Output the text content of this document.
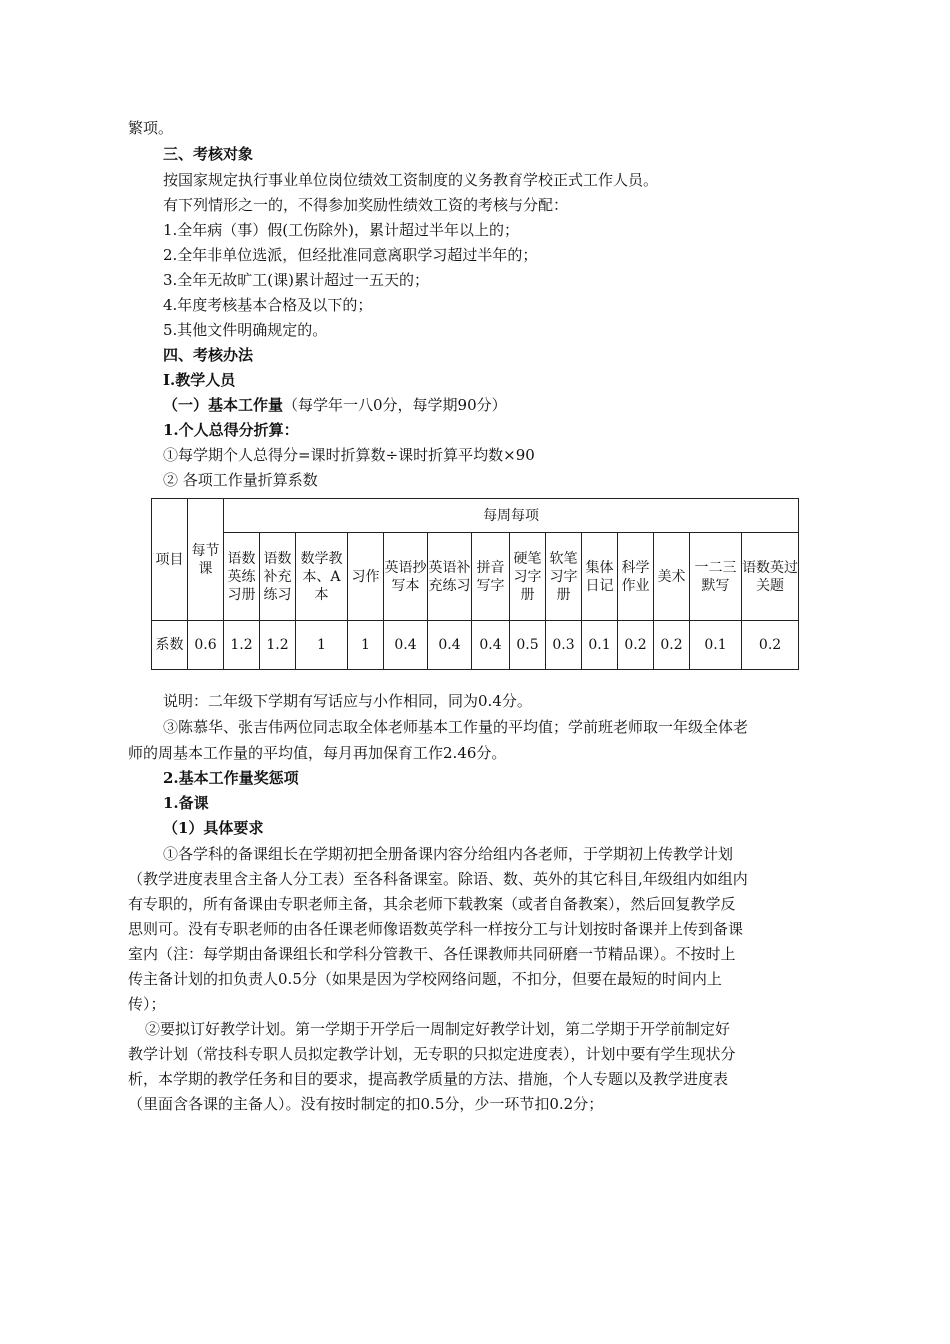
繁项。
三、考核对象
按国家规定执行事业单位岗位绩效工资制度的义务教育学校正式工作人员。
有下列情形之一的，不得参加奖励性绩效工资的考核与分配：
1.全年病（事）假(工伤除外)，累计超过半年以上的；
2.全年非单位选派，但经批准同意离职学习超过半年的；
3.全年无故旷工(课)累计超过一五天的；
4.年度考核基本合格及以下的；
5.其他文件明确规定的。
四、考核办法
Ⅰ.教学人员
（一）基本工作量（每学年一八0分，每学期90分）
1.个人总得分折算：
①每学期个人总得分=课时折算数÷课时折算平均数×90
② 各项工作量折算系数
项目	每节课	每周每项													
		语数英练习册	语数补充练习	数学教本、A本	习作	英语抄写本	英语补充练习	拼音写字	硬笔习字册	软笔习字册	集体日记	科学作业	美术	一二三默写	语数英过关题
系数	0.6	1.2	1.2	1	1	0.4	0.4	0.4	0.5	0.3	0.1	0.2	0.2	0.1	0.2
说明：二年级下学期有写话应与小作相同，同为0.4分。
③陈慕华、张吉伟两位同志取全体老师基本工作量的平均值；学前班老师取一年级全体老
师的周基本工作量的平均值，每月再加保育工作2.46分。
2.基本工作量奖惩项
1.备课
（1）具体要求
①各学科的备课组长在学期初把全册备课内容分给组内各老师，于学期初上传教学计划
（教学进度表里含主备人分工表）至各科备课室。除语、数、英外的其它科目,年级组内如组内
有专职的，所有备课由专职老师主备，其余老师下载教案（或者自备教案），然后回复教学反
思则可。没有专职老师的由各任课老师像语数英学科一样按分工与计划按时备课并上传到备课
室内（注：每学期由备课组长和学科分管教干、各任课教师共同研磨一节精品课）。不按时上
传主备计划的扣负责人0.5分（如果是因为学校网络问题，不扣分，但要在最短的时间内上
传）；
②要拟订好教学计划。第一学期于开学后一周制定好教学计划，第二学期于开学前制定好
教学计划（常技科专职人员拟定教学计划，无专职的只拟定进度表），计划中要有学生现状分
析，本学期的教学任务和目的要求，提高教学质量的方法、措施，个人专题以及教学进度表
（里面含各课的主备人）。没有按时制定的扣0.5分，少一环节扣0.2分；
